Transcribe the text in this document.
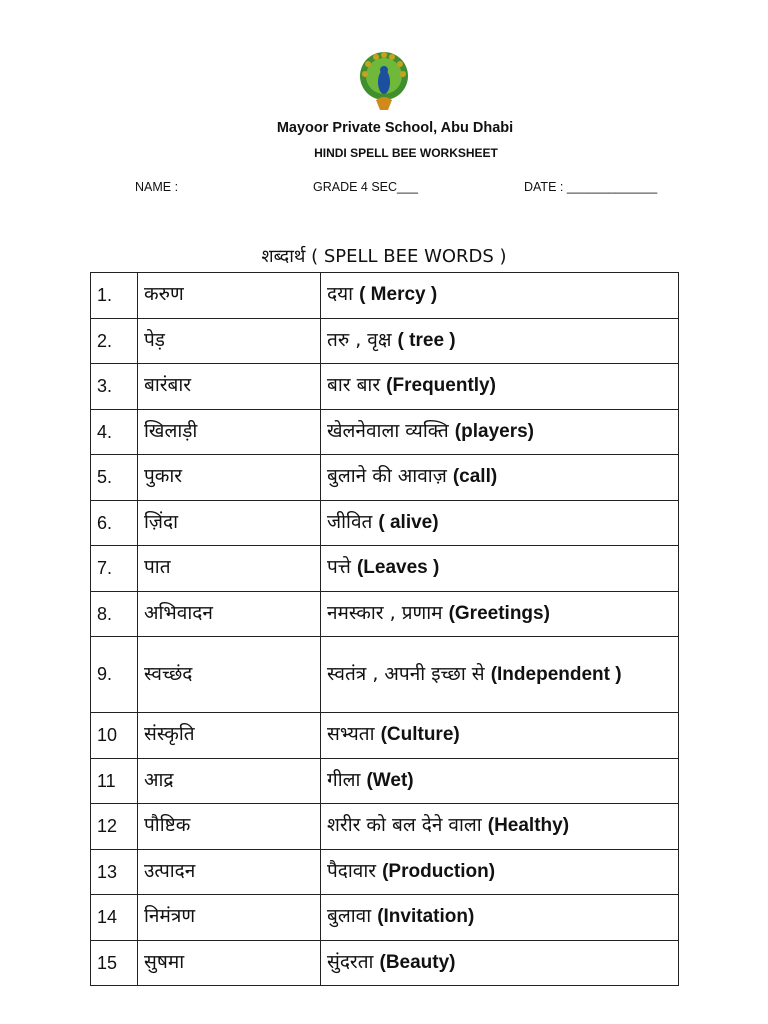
Mayoor Private School, Abu Dhabi
HINDI SPELL BEE WORKSHEET
NAME :	GRADE 4 SEC___	DATE : _____________
शब्दार्थ ( SPELL BEE WORDS )
1.	करुण	दया ( Mercy )
2.	पेड़	तरु , वृक्ष ( tree )
3.	बारंबार	बार बार (Frequently)
4.	खिलाड़ी	खेलनेवाला व्यक्ति (players)
5.	पुकार	बुलाने की आवाज़ (call)
6.	ज़िंदा	जीवित ( alive)
7.	पात	पत्ते (Leaves )
8.	अभिवादन	नमस्कार , प्रणाम (Greetings)
9.	स्वच्छंद	स्वतंत्र , अपनी इच्छा से (Independent )
10	संस्कृति	सभ्यता (Culture)
11	आद्र	गीला (Wet)
12	पौष्टिक	शरीर को बल देने वाला (Healthy)
13	उत्पादन	पैदावार (Production)
14	निमंत्रण	बुलावा (Invitation)
15	सुषमा	सुंदरता (Beauty)
